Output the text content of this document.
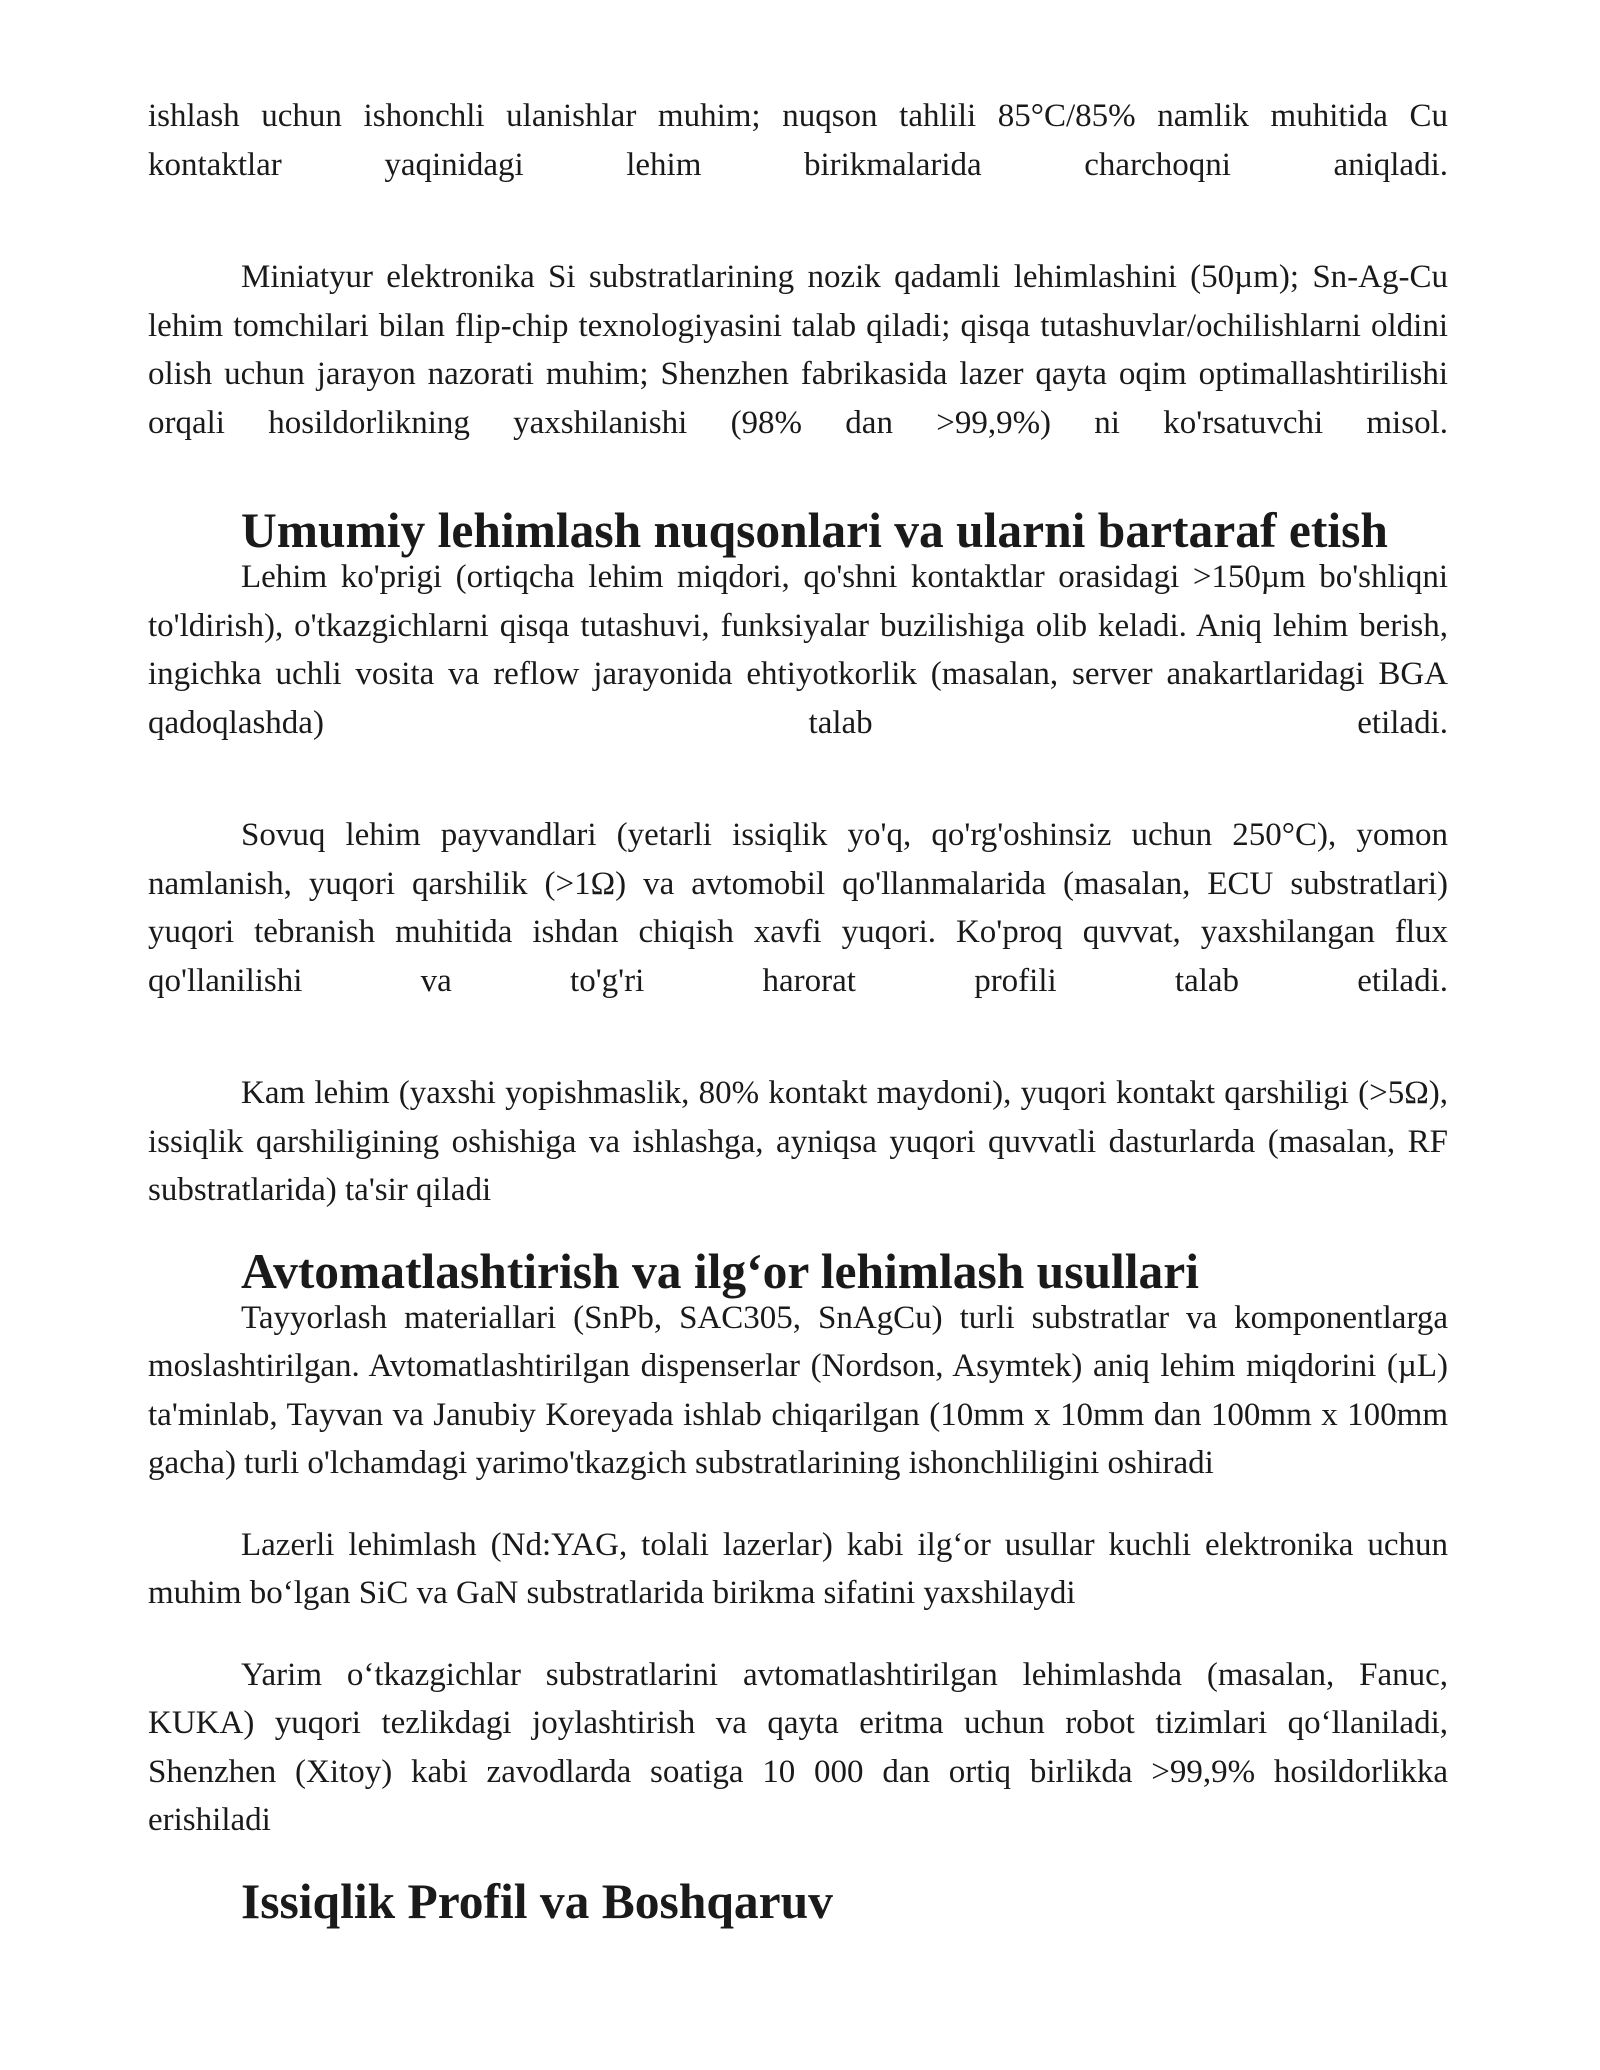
ishlash uchun ishonchli ulanishlar muhim; nuqson tahlili 85°C/85% namlik muhitida Cu kontaktlar yaqinidagi lehim birikmalarida charchoqni aniqladi.

Miniatyur elektronika Si substratlarining nozik qadamli lehimlashini (50µm); Sn-Ag-Cu lehim tomchilari bilan flip-chip texnologiyasini talab qiladi; qisqa tutashuvlar/ochilishlarni oldini olish uchun jarayon nazorati muhim; Shenzhen fabrikasida lazer qayta oqim optimallashtirilishi orqali hosildorlikning yaxshilanishi (98% dan >99,9%) ni ko'rsatuvchi misol.

Umumiy lehimlash nuqsonlari va ularni bartaraf etish

Lehim ko'prigi (ortiqcha lehim miqdori, qo'shni kontaktlar orasidagi >150µm bo'shliqni to'ldirish), o'tkazgichlarni qisqa tutashuvi, funksiyalar buzilishiga olib keladi. Aniq lehim berish, ingichka uchli vosita va reflow jarayonida ehtiyotkorlik (masalan, server anakartlaridagi BGA qadoqlashda) talab etiladi.

Sovuq lehim payvandlari (yetarli issiqlik yo'q, qo'rg'oshinsiz uchun 250°C), yomon namlanish, yuqori qarshilik (>1Ω) va avtomobil qo'llanmalarida (masalan, ECU substratlari) yuqori tebranish muhitida ishdan chiqish xavfi yuqori. Ko'proq quvvat, yaxshilangan flux qo'llanilishi va to'g'ri harorat profili talab etiladi.

Kam lehim (yaxshi yopishmaslik, 80% kontakt maydoni), yuqori kontakt qarshiligi (>5Ω), issiqlik qarshiligining oshishiga va ishlashga, ayniqsa yuqori quvvatli dasturlarda (masalan, RF substratlarida) ta'sir qiladi

Avtomatlashtirish va ilg‘or lehimlash usullari

Tayyorlash materiallari (SnPb, SAC305, SnAgCu) turli substratlar va komponentlarga moslashtirilgan. Avtomatlashtirilgan dispenserlar (Nordson, Asymtek) aniq lehim miqdorini (µL) ta'minlab, Tayvan va Janubiy Koreyada ishlab chiqarilgan (10mm x 10mm dan 100mm x 100mm gacha) turli o'lchamdagi yarimo'tkazgich substratlarining ishonchliligini oshiradi

Lazerli lehimlash (Nd:YAG, tolali lazerlar) kabi ilg‘or usullar kuchli elektronika uchun muhim bo‘lgan SiC va GaN substratlarida birikma sifatini yaxshilaydi

Yarim o‘tkazgichlar substratlarini avtomatlashtirilgan lehimlashda (masalan, Fanuc, KUKA) yuqori tezlikdagi joylashtirish va qayta eritma uchun robot tizimlari qo‘llaniladi, Shenzhen (Xitoy) kabi zavodlarda soatiga 10 000 dan ortiq birlikda >99,9% hosildorlikka erishiladi

Issiqlik Profil va Boshqaruv
